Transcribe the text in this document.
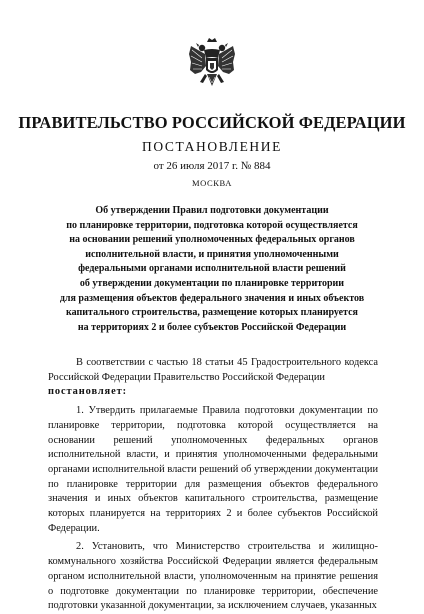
ПРАВИТЕЛЬСТВО РОССИЙСКОЙ ФЕДЕРАЦИИ
ПОСТАНОВЛЕНИЕ
от 26 июля 2017 г. № 884
МОСКВА
Об утверждении Правил подготовки документации
по планировке территории, подготовка которой осуществляется
на основании решений уполномоченных федеральных органов
исполнительной власти, и принятия уполномоченными
федеральными органами исполнительной власти решений
об утверждении документации по планировке территории
для размещения объектов федерального значения и иных объектов
капитального строительства, размещение которых планируется
на территориях 2 и более субъектов Российской Федерации

В соответствии с частью 18 статьи 45 Градостроительного кодекса Российской Федерации Правительство Российской Федерации

постановляет:

1. Утвердить прилагаемые Правила подготовки документации по планировке территории, подготовка которой осуществляется на основании решений уполномоченных федеральных органов исполнительной власти, и принятия уполномоченными федеральными органами исполнительной власти решений об утверждении документации по планировке территории для размещения объектов федерального значения и иных объектов капитального строительства, размещение которых планируется на территориях 2 и более субъектов Российской Федерации.

2. Установить, что Министерство строительства и жилищно-коммунального хозяйства Российской Федерации является федеральным органом исполнительной власти, уполномоченным на принятие решения о подготовке документации по планировке территории, обеспечение подготовки указанной документации, за исключением случаев, указанных
